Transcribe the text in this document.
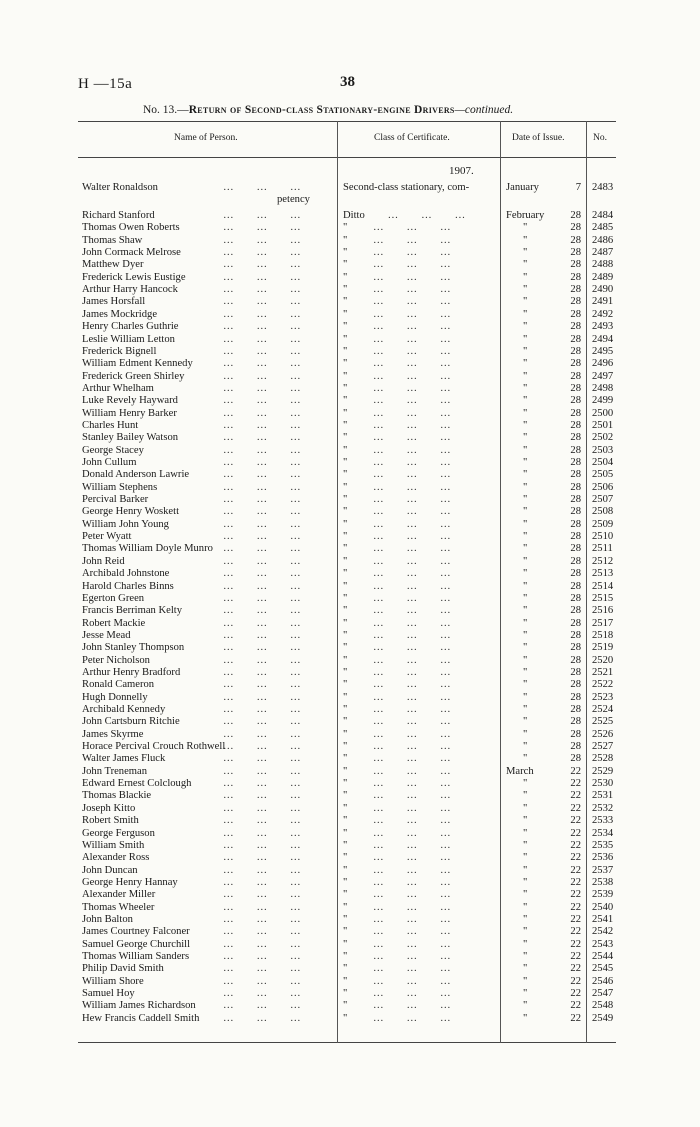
H —15a	38
No. 13.—Return of Second-class Stationary-engine Drivers—continued.
Name of Person.	Class of Certificate.	Date of Issue.	No.
1907.
Walter Ronaldson	…      …      …	Second-class stationary, com-	January	7 2483
petency
Richard Stanford	…      …      …	Ditto …      …      …	February	28 2484
Thomas Owen Roberts	…      …      …	" …      …      …	"	28 2485
Thomas Shaw	…      …      …	" …      …      …	"	28 2486
John Cormack Melrose	…      …      …	" …      …      …	"	28 2487
Matthew Dyer	…      …      …	" …      …      …	"	28 2488
Frederick Lewis Eustige	…      …      …	" …      …      …	"	28 2489
Arthur Harry Hancock	…      …      …	" …      …      …	"	28 2490
James Horsfall	…      …      …	" …      …      …	"	28 2491
James Mockridge	…      …      …	" …      …      …	"	28 2492
Henry Charles Guthrie	…      …      …	" …      …      …	"	28 2493
Leslie William Letton	…      …      …	" …      …      …	"	28 2494
Frederick Bignell	…      …      …	" …      …      …	"	28 2495
William Edment Kennedy	…      …      …	" …      …      …	"	28 2496
Frederick Green Shirley	…      …      …	" …      …      …	"	28 2497
Arthur Whelham	…      …      …	" …      …      …	"	28 2498
Luke Revely Hayward	…      …      …	" …      …      …	"	28 2499
William Henry Barker	…      …      …	" …      …      …	"	28 2500
Charles Hunt	…      …      …	" …      …      …	"	28 2501
Stanley Bailey Watson	…      …      …	" …      …      …	"	28 2502
George Stacey	…      …      …	" …      …      …	"	28 2503
John Cullum	…      …      …	" …      …      …	"	28 2504
Donald Anderson Lawrie	…      …      …	" …      …      …	"	28 2505
William Stephens	…      …      …	" …      …      …	"	28 2506
Percival Barker	…      …      …	" …      …      …	"	28 2507
George Henry Woskett	…      …      …	" …      …      …	"	28 2508
William John Young	…      …      …	" …      …      …	"	28 2509
Peter Wyatt	…      …      …	" …      …      …	"	28 2510
Thomas William Doyle Munro …      …      …	" …      …      …	"	28 2511
John Reid	…      …      …	" …      …      …	"	28 2512
Archibald Johnstone	…      …      …	" …      …      …	"	28 2513
Harold Charles Binns	…      …      …	" …      …      …	"	28 2514
Egerton Green	…      …      …	" …      …      …	"	28 2515
Francis Berriman Kelty	…      …      …	" …      …      …	"	28 2516
Robert Mackie	…      …      …	" …      …      …	"	28 2517
Jesse Mead	…      …      …	" …      …      …	"	28 2518
John Stanley Thompson	…      …      …	" …      …      …	"	28 2519
Peter Nicholson	…      …      …	" …      …      …	"	28 2520
Arthur Henry Bradford	…      …      …	" …      …      …	"	28 2521
Ronald Cameron	…      …      …	" …      …      …	"	28 2522
Hugh Donnelly	…      …      …	" …      …      …	"	28 2523
Archibald Kennedy	…      …      …	" …      …      …	"	28 2524
John Cartsburn Ritchie	…      …      …	" …      …      …	"	28 2525
James Skyrme	…      …      …	" …      …      …	"	28 2526
Horace Percival Crouch Rothwell
…      …      …	" …      …      …	"	28 2527
Walter James Fluck	…      …      …	" …      …      …	"	28 2528
John Treneman	…      …      …	" …      …      …	March	22 2529
Edward Ernest Colclough	…      …      …	" …      …      …	"	22 2530
Thomas Blackie	…      …      …	" …      …      …	"	22 2531
Joseph Kitto	…      …      …	" …      …      …	"	22 2532
Robert Smith	…      …      …	" …      …      …	"	22 2533
George Ferguson	…      …      …	" …      …      …	"	22 2534
William Smith	…      …      …	" …      …      …	"	22 2535
Alexander Ross	…      …      …	" …      …      …	"	22 2536
John Duncan	…      …      …	" …      …      …	"	22 2537
George Henry Hannay	…      …      …	" …      …      …	"	22 2538
Alexander Miller	…      …      …	" …      …      …	"	22 2539
Thomas Wheeler	…      …      …	" …      …      …	"	22 2540
John Balton	…      …      …	" …      …      …	"	22 2541
James Courtney Falconer	…      …      …	" …      …      …	"	22 2542
Samuel George Churchill	…      …      …	" …      …      …	"	22 2543
Thomas William Sanders	…      …      …	" …      …      …	"	22 2544
Philip David Smith	…      …      …	" …      …      …	"	22 2545
William Shore	…      …      …	" …      …      …	"	22 2546
Samuel Hoy	…      …      …	" …      …      …	"	22 2547
William James Richardson	…      …      …	" …      …      …	"	22 2548
Hew Francis Caddell Smith …      …      …	" …      …      …	"	22 2549
